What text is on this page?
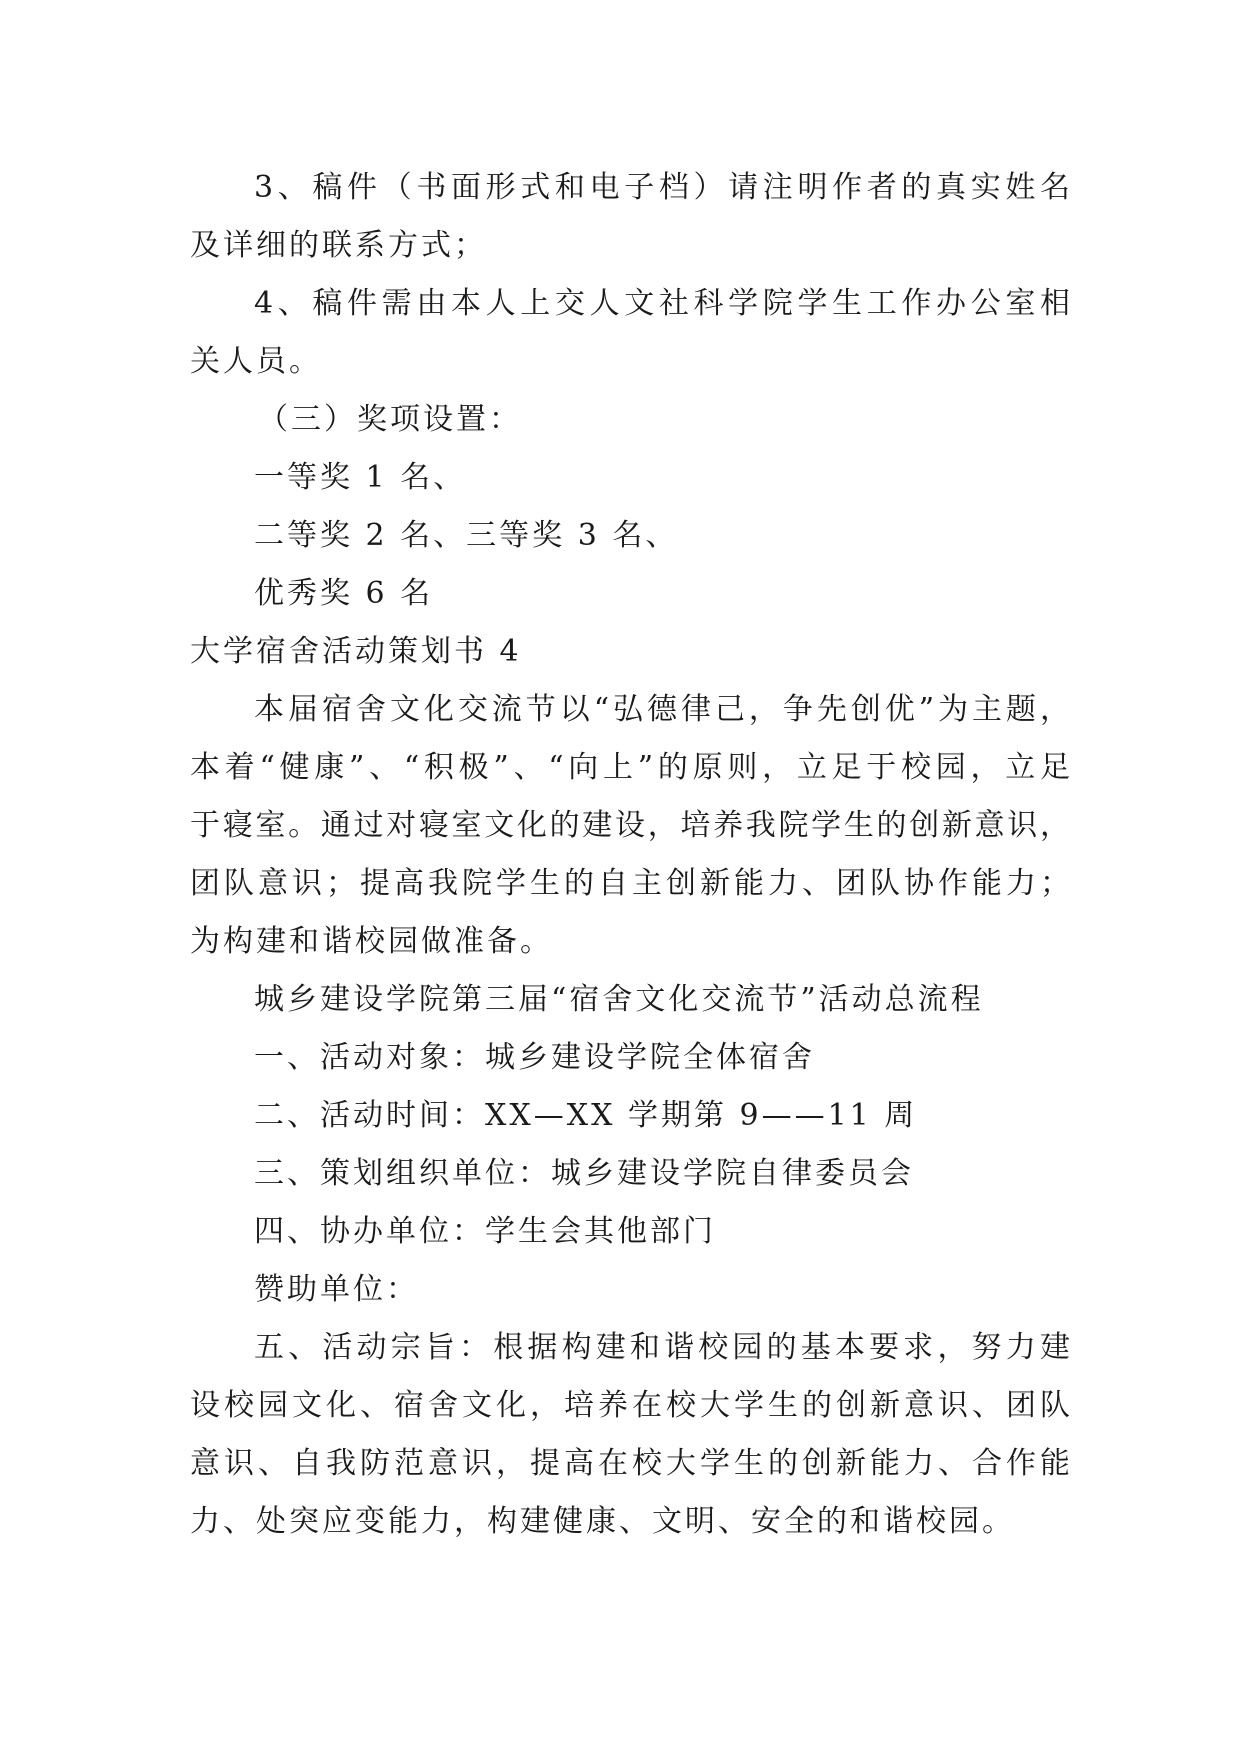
3、稿件（书面形式和电子档）请注明作者的真实姓名
及详细的联系方式；
4、稿件需由本人上交人文社科学院学生工作办公室相
关人员。
（三）奖项设置：
一等奖 1 名、
二等奖 2 名、三等奖 3 名、
优秀奖 6 名
大学宿舍活动策划书 4
本届宿舍文化交流节以“弘德律己，争先创优”为主题，
本着“健康”、“积极”、“向上”的原则，立足于校园，立足
于寝室。通过对寝室文化的建设，培养我院学生的创新意识，
团队意识；提高我院学生的自主创新能力、团队协作能力；
为构建和谐校园做准备。
城乡建设学院第三届“宿舍文化交流节”活动总流程
一、活动对象：城乡建设学院全体宿舍
二、活动时间：XX—XX 学期第 9——11 周
三、策划组织单位：城乡建设学院自律委员会
四、协办单位：学生会其他部门
赞助单位：
五、活动宗旨：根据构建和谐校园的基本要求，努力建
设校园文化、宿舍文化，培养在校大学生的创新意识、团队
意识、自我防范意识，提高在校大学生的创新能力、合作能
力、处突应变能力，构建健康、文明、安全的和谐校园。
